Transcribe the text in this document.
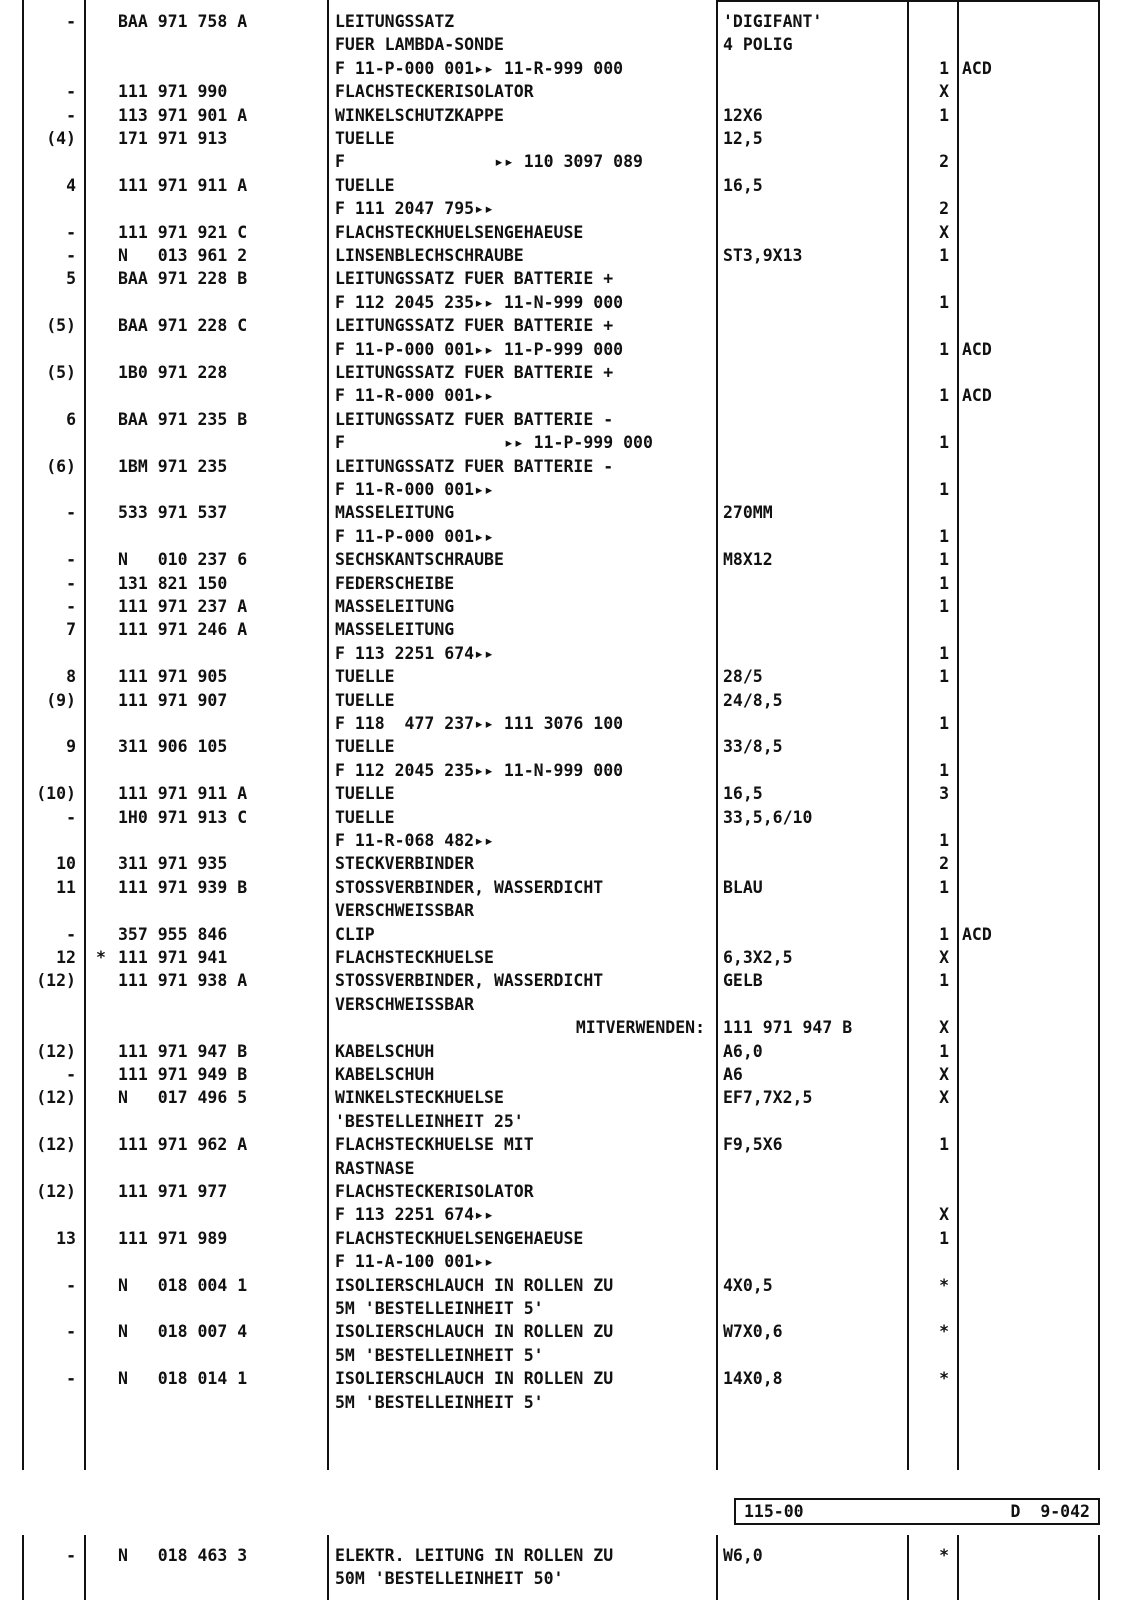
-	BAA 971 758 A	LEITUNGSSATZ	'DIGIFANT'
FUER LAMBDA-SONDE	4 POLIG
F 11-P-000 001▸▸ 11-R-999 000	1 ACD
-	111 971 990	FLACHSTECKERISOLATOR	X
-	113 971 901 A	WINKELSCHUTZKAPPE	12X6	1
(4)	171 971 913	TUELLE	12,5
F               ▸▸ 110 3097 089	2
4	111 971 911 A	TUELLE	16,5
F 111 2047 795▸▸	2
-	111 971 921 C	FLACHSTECKHUELSENGEHAEUSE	X
-	N   013 961 2	LINSENBLECHSCHRAUBE	ST3,9X13	1
5	BAA 971 228 B	LEITUNGSSATZ FUER BATTERIE +
F 112 2045 235▸▸ 11-N-999 000	1
(5)	BAA 971 228 C	LEITUNGSSATZ FUER BATTERIE +
F 11-P-000 001▸▸ 11-P-999 000	1 ACD
(5)	1B0 971 228	LEITUNGSSATZ FUER BATTERIE +
F 11-R-000 001▸▸	1 ACD
6	BAA 971 235 B	LEITUNGSSATZ FUER BATTERIE -
F                ▸▸ 11-P-999 000	1
(6)	1BM 971 235	LEITUNGSSATZ FUER BATTERIE -
F 11-R-000 001▸▸	1
-	533 971 537	MASSELEITUNG	270MM
F 11-P-000 001▸▸	1
-	N   010 237 6	SECHSKANTSCHRAUBE	M8X12	1
-	131 821 150	FEDERSCHEIBE	1
-	111 971 237 A	MASSELEITUNG	1
7	111 971 246 A	MASSELEITUNG
F 113 2251 674▸▸	1
8	111 971 905	TUELLE	28/5	1
(9)	111 971 907	TUELLE	24/8,5
F 118  477 237▸▸ 111 3076 100	1
9	311 906 105	TUELLE	33/8,5
F 112 2045 235▸▸ 11-N-999 000	1
(10)	111 971 911 A	TUELLE	16,5	3
-	1H0 971 913 C	TUELLE	33,5,6/10
F 11-R-068 482▸▸	1
10	311 971 935	STECKVERBINDER	2
11	111 971 939 B	STOSSVERBINDER, WASSERDICHT	BLAU	1
VERSCHWEISSBAR
-	357 955 846	CLIP	1 ACD
12 * 111 971 941	FLACHSTECKHUELSE	6,3X2,5	X
(12)	111 971 938 A	STOSSVERBINDER, WASSERDICHT	GELB	1
VERSCHWEISSBAR
MITVERWENDEN: 111 971 947 B	X
(12)	111 971 947 B	KABELSCHUH	A6,0	1
-	111 971 949 B	KABELSCHUH	A6	X
(12)	N   017 496 5	WINKELSTECKHUELSE	EF7,7X2,5	X
'BESTELLEINHEIT 25'
(12)	111 971 962 A	FLACHSTECKHUELSE MIT	F9,5X6	1
RASTNASE
(12)	111 971 977	FLACHSTECKERISOLATOR
F 113 2251 674▸▸	X
13	111 971 989	FLACHSTECKHUELSENGEHAEUSE	1
F 11-A-100 001▸▸
-	N   018 004 1	ISOLIERSCHLAUCH IN ROLLEN ZU	4X0,5	*
5M 'BESTELLEINHEIT 5'
-	N   018 007 4	ISOLIERSCHLAUCH IN ROLLEN ZU	W7X0,6	*
5M 'BESTELLEINHEIT 5'
-	N   018 014 1	ISOLIERSCHLAUCH IN ROLLEN ZU	14X0,8	*
5M 'BESTELLEINHEIT 5'

115-00

	D  9-042

-	N   018 463 3	ELEKTR. LEITUNG IN ROLLEN ZU	W6,0	*
50M 'BESTELLEINHEIT 50'
